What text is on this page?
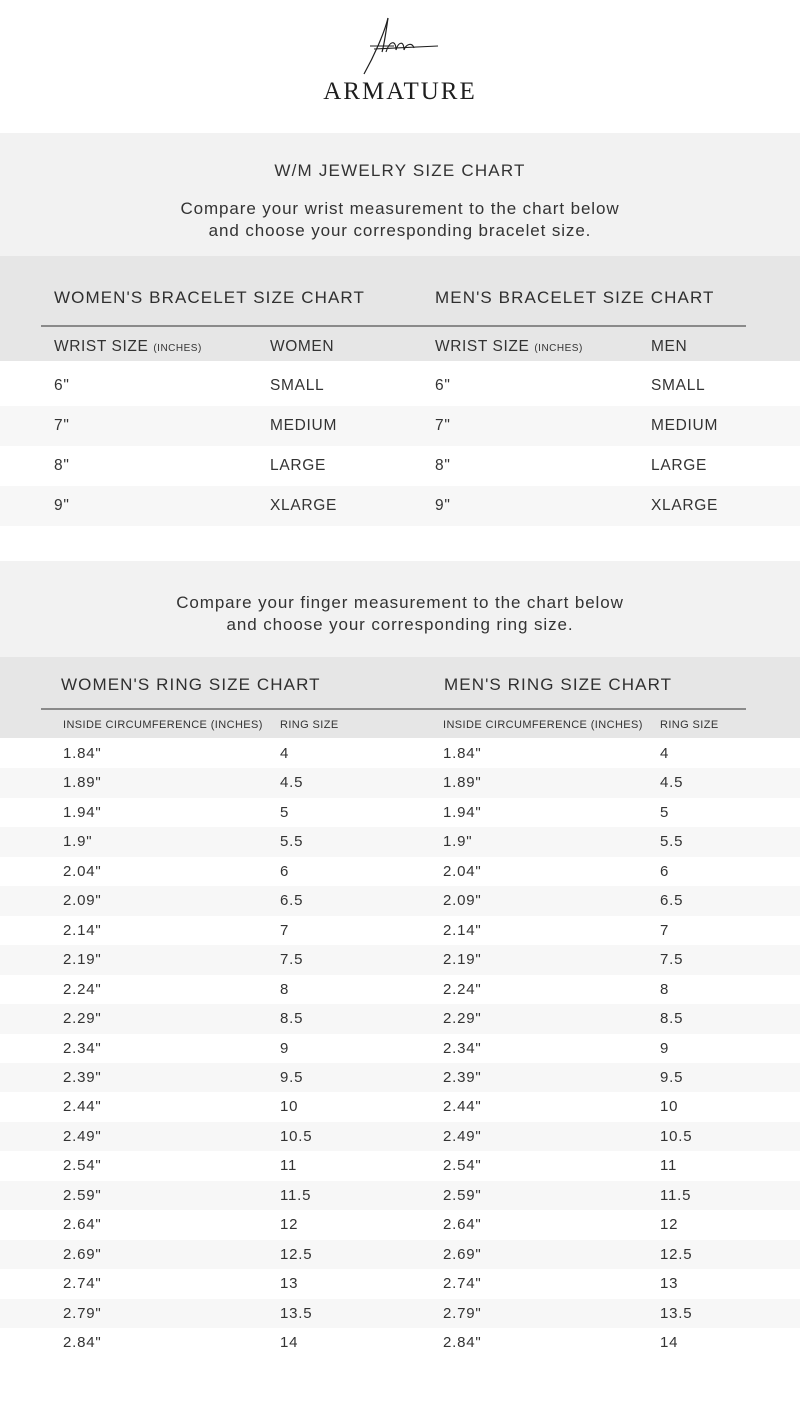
ARMATURE
W/M JEWELRY SIZE CHART
Compare your wrist measurement to the chart below
and choose your corresponding bracelet size.
WOMEN'S BRACELET SIZE CHART	MEN'S BRACELET SIZE CHART
WRIST SIZE (INCHES)	WOMEN	WRIST SIZE (INCHES)	MEN
6"	SMALL	6"	SMALL
7"	MEDIUM	7"	MEDIUM
8"	LARGE	8"	LARGE
9"	XLARGE	9"	XLARGE
Compare your finger measurement to the chart below
and choose your corresponding ring size.
WOMEN'S RING SIZE CHART	MEN'S RING SIZE CHART
INSIDE CIRCUMFERENCE (INCHES) RING SIZE	INSIDE CIRCUMFERENCE (INCHES) RING SIZE
1.84"	4	1.84"	4
1.89"	4.5	1.89"	4.5
1.94"	5	1.94"	5
1.9"	5.5	1.9"	5.5
2.04"	6	2.04"	6
2.09"	6.5	2.09"	6.5
2.14"	7	2.14"	7
2.19"	7.5	2.19"	7.5
2.24"	8	2.24"	8
2.29"	8.5	2.29"	8.5
2.34"	9	2.34"	9
2.39"	9.5	2.39"	9.5
2.44"	10	2.44"	10
2.49"	10.5	2.49"	10.5
2.54"	11	2.54"	11
2.59"	11.5	2.59"	11.5
2.64"	12	2.64"	12
2.69"	12.5	2.69"	12.5
2.74"	13	2.74"	13
2.79"	13.5	2.79"	13.5
2.84"	14	2.84"	14
